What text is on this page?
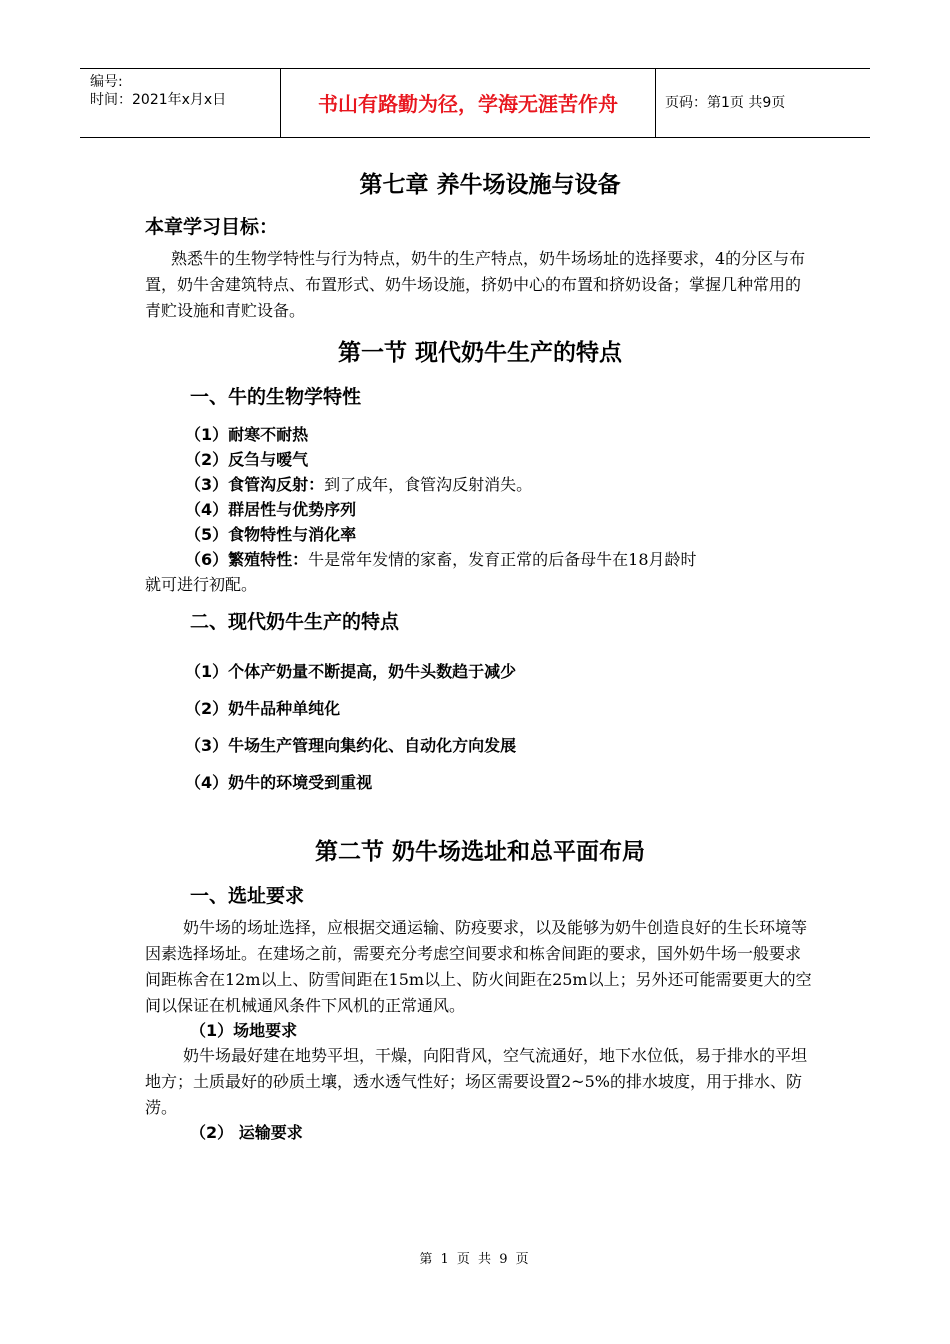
编号:
时间：2021年x月x日	书山有路勤为径，学海无涯苦作舟	页码：第1页 共9页
第七章 养牛场设施与设备
本章学习目标：

熟悉牛的生物学特性与行为特点，奶牛的生产特点，奶牛场场址的选择要求，4的分区与布置，奶牛舍建筑特点、布置形式、奶牛场设施，挤奶中心的布置和挤奶设备；掌握几种常用的青贮设施和青贮设备。

第一节 现代奶牛生产的特点
一、牛的生物学特性
（1）耐寒不耐热
（2）反刍与嗳气
（3）食管沟反射：到了成年，食管沟反射消失。
（4）群居性与优势序列
（5）食物特性与消化率
（6）繁殖特性：牛是常年发情的家畜，发育正常的后备母牛在18月龄时
就可进行初配。
二、现代奶牛生产的特点
（1）个体产奶量不断提高，奶牛头数趋于减少
（2）奶牛品种单纯化
（3）牛场生产管理向集约化、自动化方向发展
（4）奶牛的环境受到重视
第二节 奶牛场选址和总平面布局
一、选址要求

奶牛场的场址选择，应根据交通运输、防疫要求，以及能够为奶牛创造良好的生长环境等因素选择场址。在建场之前，需要充分考虑空间要求和栋舍间距的要求，国外奶牛场一般要求间距栋舍在12m以上、防雪间距在15m以上、防火间距在25m以上；另外还可能需要更大的空间以保证在机械通风条件下风机的正常通风。

（1）场地要求

奶牛场最好建在地势平坦，干燥，向阳背风，空气流通好，地下水位低，易于排水的平坦地方；土质最好的砂质土壤，透水透气性好；场区需要设置2~5%的排水坡度，用于排水、防涝。

（2） 运输要求
第 1 页 共 9 页
